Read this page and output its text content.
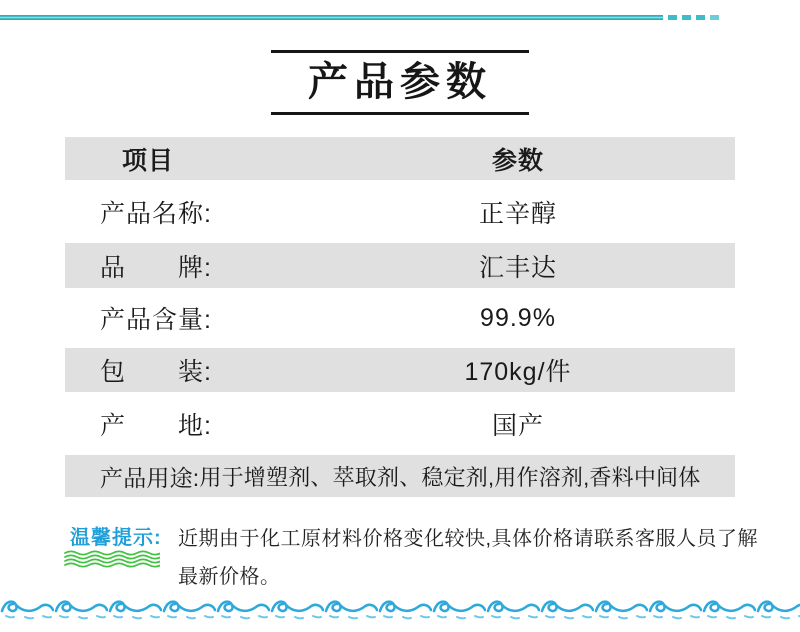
产品参数
项目	参数
产品名称:	正辛醇
品　　牌:	汇丰达
产品含量:	99.9%
包　　装:	170kg/件
产　　地:	国产
产品用途: 用于增塑剂、萃取剂、稳定剂,用作溶剂,香料中间体
温馨提示: 近期由于化工原材料价格变化较快,具体价格请联系客服人员了解
最新价格。
